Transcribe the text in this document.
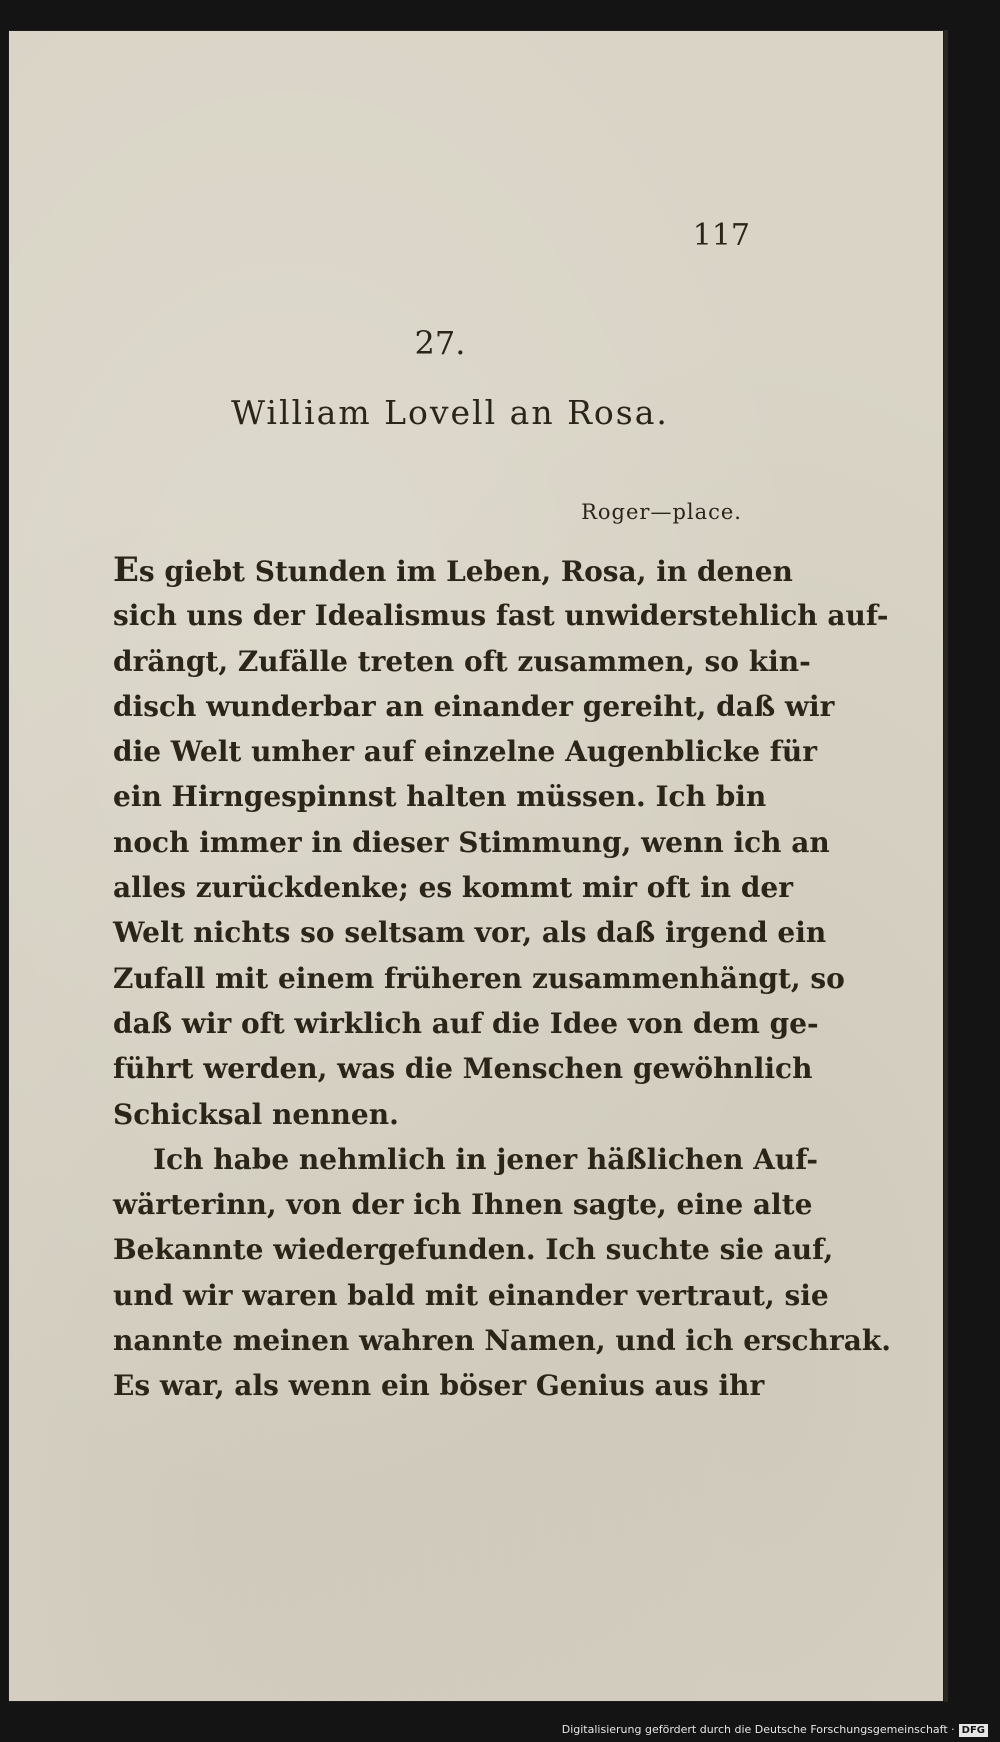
117
27.
William Lovell an Rosa.
Roger—place.
Es giebt Stunden im Leben, Rosa, in denen
sich uns der Idealismus fast unwiderstehlich auf-
drängt, Zufälle treten oft zusammen, so kin-
disch wunderbar an einander gereiht, daß wir
die Welt umher auf einzelne Augenblicke für
ein Hirngespinnst halten müssen. Ich bin
noch immer in dieser Stimmung, wenn ich an
alles zurückdenke; es kommt mir oft in der
Welt nichts so seltsam vor, als daß irgend ein
Zufall mit einem früheren zusammenhängt, so
daß wir oft wirklich auf die Idee von dem ge-
führt werden, was die Menschen gewöhnlich
Schicksal nennen.
Ich habe nehmlich in jener häßlichen Auf-
wärterinn, von der ich Ihnen sagte, eine alte
Bekannte wiedergefunden. Ich suchte sie auf,
und wir waren bald mit einander vertraut, sie
nannte meinen wahren Namen, und ich erschrak.
Es war, als wenn ein böser Genius aus ihr
Digitalisierung gefördert durch die Deutsche Forschungsgemeinschaft · DFG
